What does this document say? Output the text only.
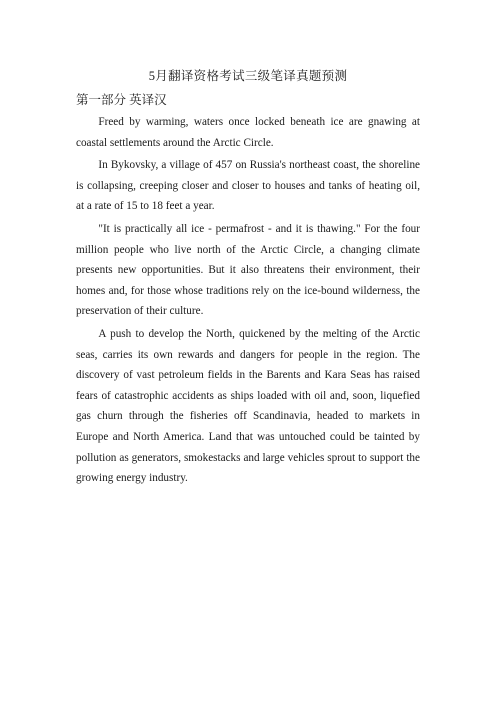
5月翻译资格考试三级笔译真题预测
第一部分 英译汉

Freed by warming, waters once locked beneath ice are gnawing at coastal settlements around the Arctic Circle.

In Bykovsky, a village of 457 on Russia's northeast coast, the shoreline is collapsing, creeping closer and closer to houses and tanks of heating oil, at a rate of 15 to 18 feet a year.

"It is practically all ice - permafrost - and it is thawing." For the four million people who live north of the Arctic Circle, a changing climate presents new opportunities. But it also threatens their environment, their homes and, for those whose traditions rely on the ice-bound wilderness, the preservation of their culture.

A push to develop the North, quickened by the melting of the Arctic seas, carries its own rewards and dangers for people in the region. The discovery of vast petroleum fields in the Barents and Kara Seas has raised fears of catastrophic accidents as ships loaded with oil and, soon, liquefied gas churn through the fisheries off Scandinavia, headed to markets in Europe and North America. Land that was untouched could be tainted by pollution as generators, smokestacks and large vehicles sprout to support the growing energy industry.
